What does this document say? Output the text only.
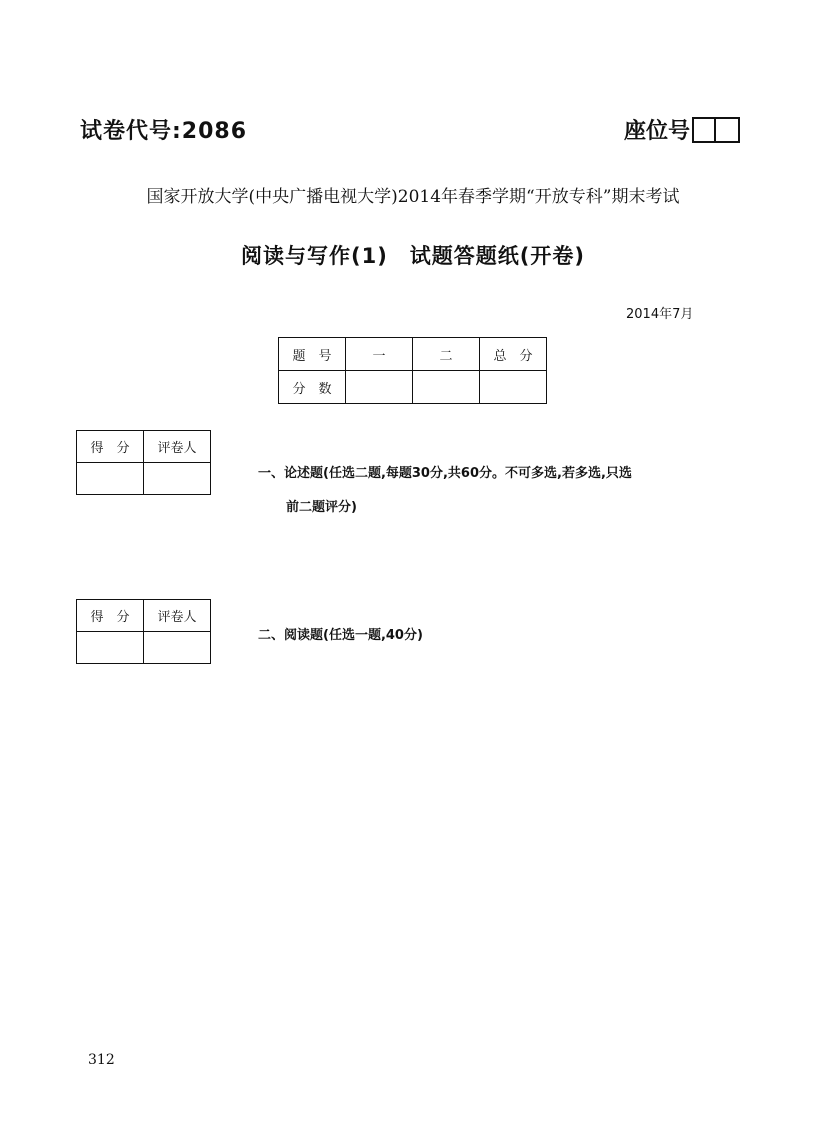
试卷代号:2086	座位号
国家开放大学(中央广播电视大学)2014年春季学期“开放专科”期末考试
阅读与写作(1)　试题答题纸(开卷)
2014年7月
题　号	一	二	总　分
分　数			
得　分	评卷人

一、论述题(任选二题,每题30分,共60分。不可多选,若多选,只选
前二题评分)
得　分	评卷人

二、阅读题(任选一题,40分)
312
